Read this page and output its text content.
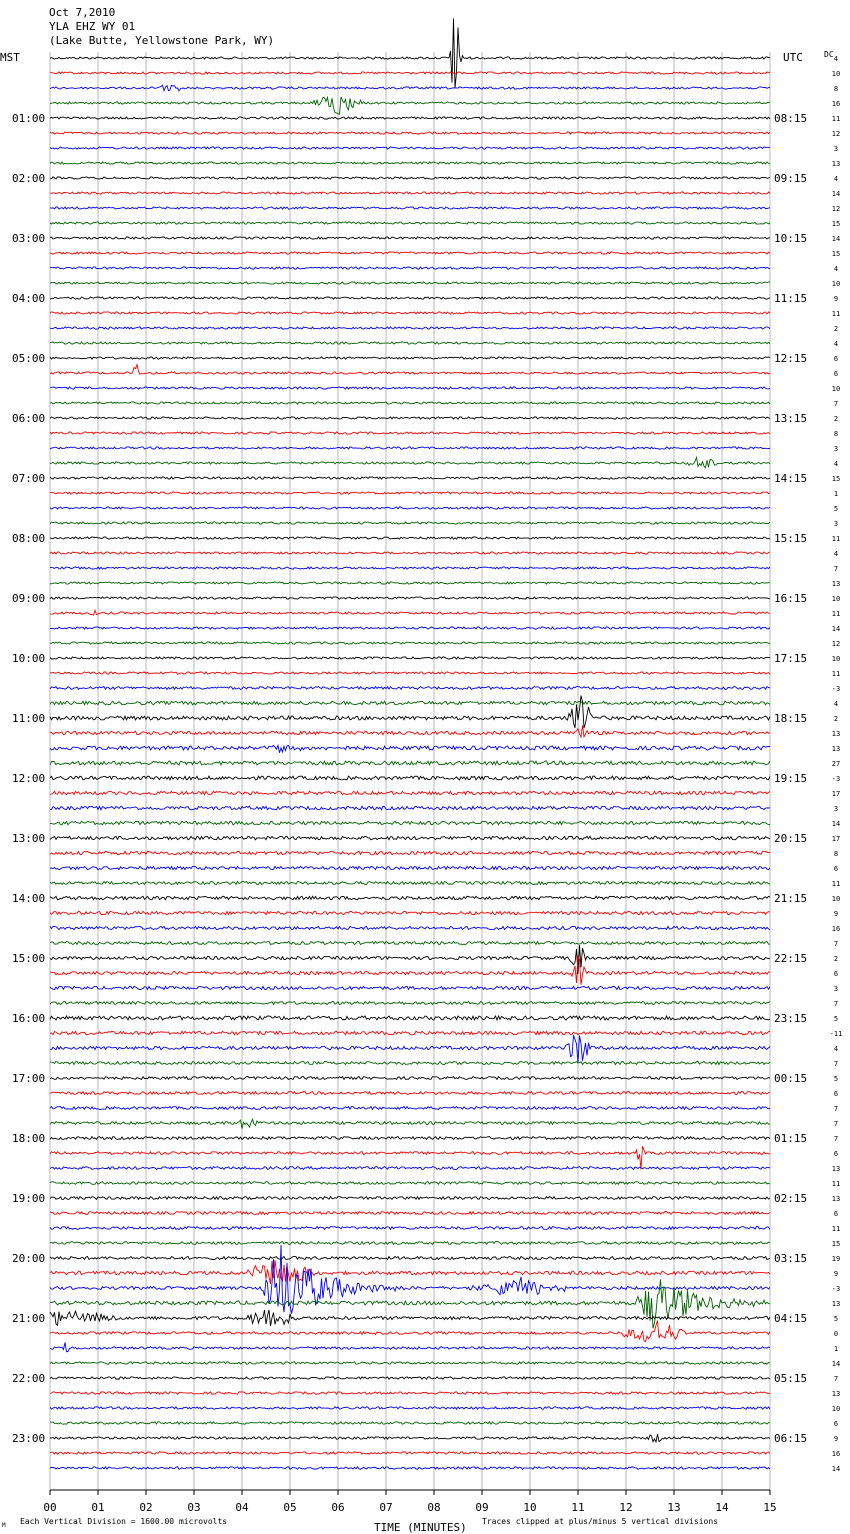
Oct 7,2010
YLA EHZ WY 01
(Lake Butte, Yellowstone Park, WY)
MST	UTC	DC 4
10
8
16
11
12
3
13
4
14
12
15
14
15
4
10
9
11
2
4
6
6
10
7
2
8
3
4
15
1
5
3
11
4
7
13
10
11
14
12
10
11
-3
4
2
13
13
27
-3
17
3
14
17
8
6
11
10
9
16
7
2
6
3
7
5
-11
4
7
5
6
7
7
7
6
13
11
13
6
11
15
19
9
-3
13
5
0
1
14
7
13
10
6
9
16
14
01:00
02:00
03:00
04:00
05:00
06:00
07:00
08:00
09:00
10:00
11:00
12:00
13:00
14:00
15:00
16:00
17:00
18:00
19:00
20:00
21:00
22:00
23:00
08:15
09:15
10:15
11:15
12:15
13:15
14:15
15:15
16:15
17:15
18:15
19:15
20:15
21:15
22:15
23:15
00:15
01:15
02:15
03:15
04:15
05:15
06:15
00	01	02	03	04	05	06	07	08	09	10	11	12	13	14	15
TIME (MINUTES)
Each Vertical Division = 1600.00 microvolts	Traces clipped at plus/minus 5 vertical divisions
M
